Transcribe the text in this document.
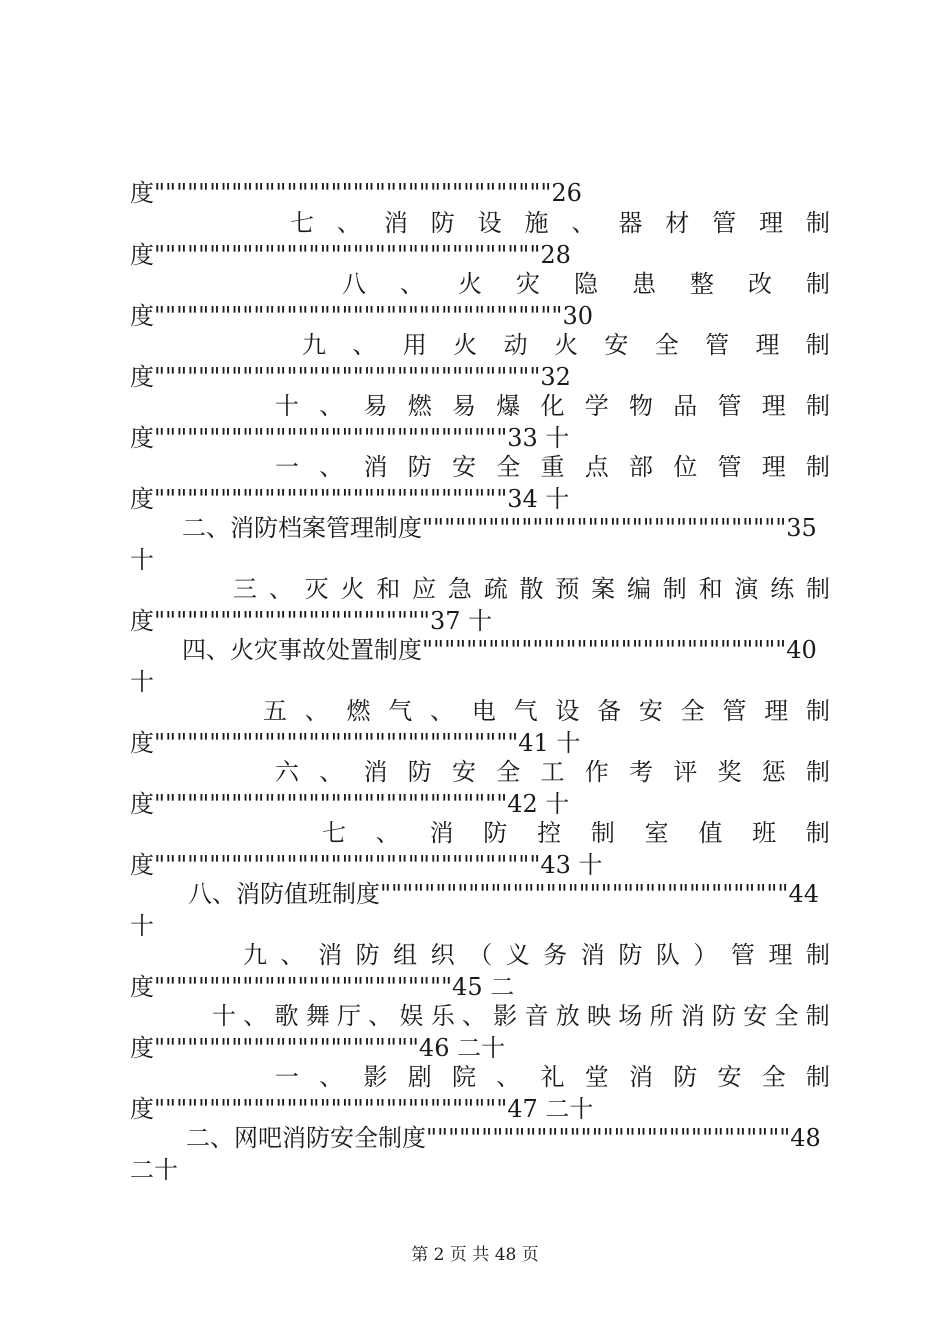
度""""""""""""""""""""""""""""""""""""26
七 、 消 防 设 施 、 器 材 管 理 制
度"""""""""""""""""""""""""""""""""""28
八 、 火 灾 隐 患 整 改 制
度"""""""""""""""""""""""""""""""""""""30
九 、 用 火 动 火 安 全 管 理 制
度"""""""""""""""""""""""""""""""""""32
十 、 易 燃 易 爆 化 学 物 品 管 理 制
度""""""""""""""""""""""""""""""""33 十
一 、 消 防 安 全 重 点 部 位 管 理 制
度""""""""""""""""""""""""""""""""34 十
二、消防档案管理制度"""""""""""""""""""""""""""""""""35
十
三 、 灭 火 和 应 急 疏 散 预 案 编 制 和 演 练 制
度"""""""""""""""""""""""""37 十
四、火灾事故处置制度"""""""""""""""""""""""""""""""""40
十
五 、 燃 气 、 电 气 设 备 安 全 管 理 制
度"""""""""""""""""""""""""""""""""41 十
六 、 消 防 安 全 工 作 考 评 奖 惩 制
度""""""""""""""""""""""""""""""""42 十
七 、 消 防 控 制 室 值 班 制
度"""""""""""""""""""""""""""""""""""43 十
八、消防值班制度"""""""""""""""""""""""""""""""""""""44
十
九 、 消 防 组 织 （ 义 务 消 防 队 ） 管 理 制
度"""""""""""""""""""""""""""45 二
十 、 歌 舞 厅 、 娱 乐 、 影 音 放 映 场 所 消 防 安 全 制
度""""""""""""""""""""""""46 二十
一 、 影 剧 院 、 礼 堂 消 防 安 全 制
度""""""""""""""""""""""""""""""""47 二十
二、网吧消防安全制度"""""""""""""""""""""""""""""""""48
二十
第 2 页 共 48 页
